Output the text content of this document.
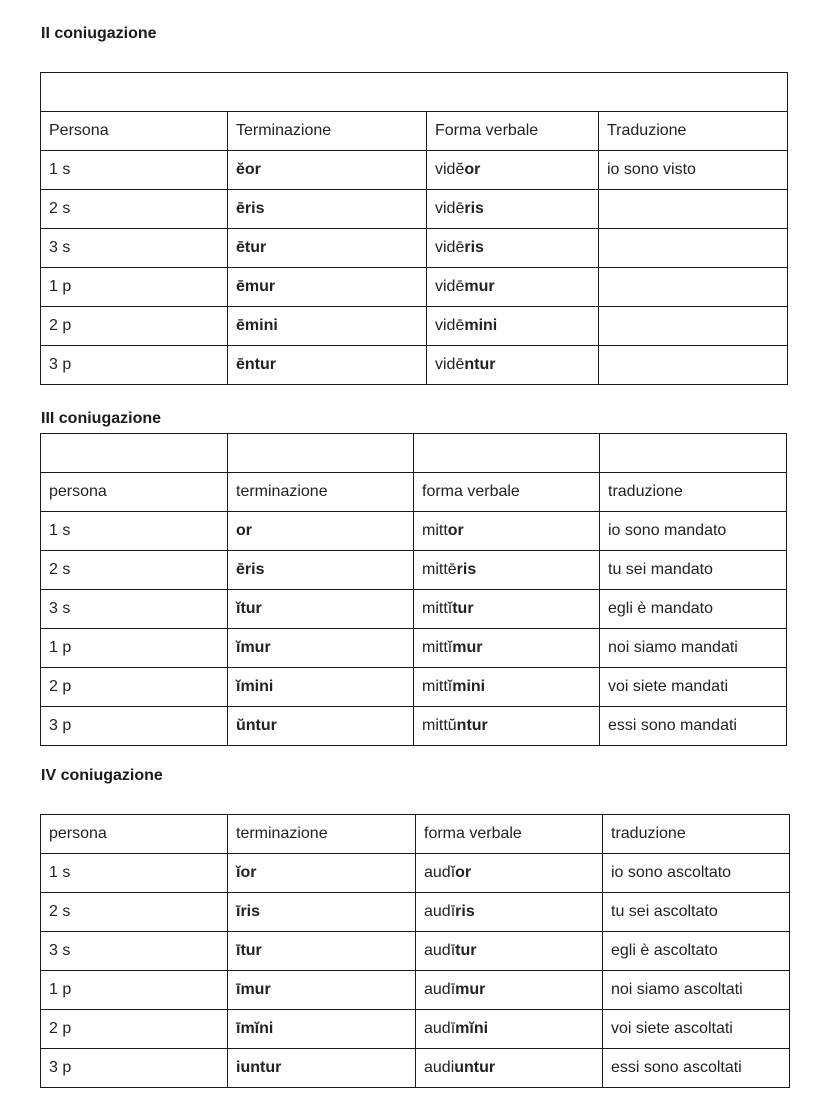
II coniugazione

Persona	Terminazione	Forma verbale	Traduzione
1 s	ĕor	vidĕor	io sono visto
2 s	ēris	vidēris	
3 s	ētur	vidēris	
1 p	ēmur	vidēmur	
2 p	ēmini	vidēmini	
3 p	ēntur	vidēntur	
III coniugazione

persona	terminazione	forma verbale	traduzione
1 s	or	mittor	io sono mandato
2 s	ēris	mittēris	tu sei mandato
3 s	ĭtur	mittĭtur	egli è mandato
1 p	ĭmur	mittĭmur	noi siamo mandati
2 p	ĭmini	mittĭmini	voi siete mandati
3 p	ŭntur	mittŭntur	essi sono mandati
IV coniugazione
persona	terminazione	forma verbale	traduzione
1 s	ĭor	audĭor	io sono ascoltato
2 s	īris	audīris	tu sei ascoltato
3 s	ītur	audītur	egli è ascoltato
1 p	īmur	audīmur	noi siamo ascoltati
2 p	īmĭni	audīmĭni	voi siete ascoltati
3 p	iuntur	audiuntur	essi sono ascoltati
